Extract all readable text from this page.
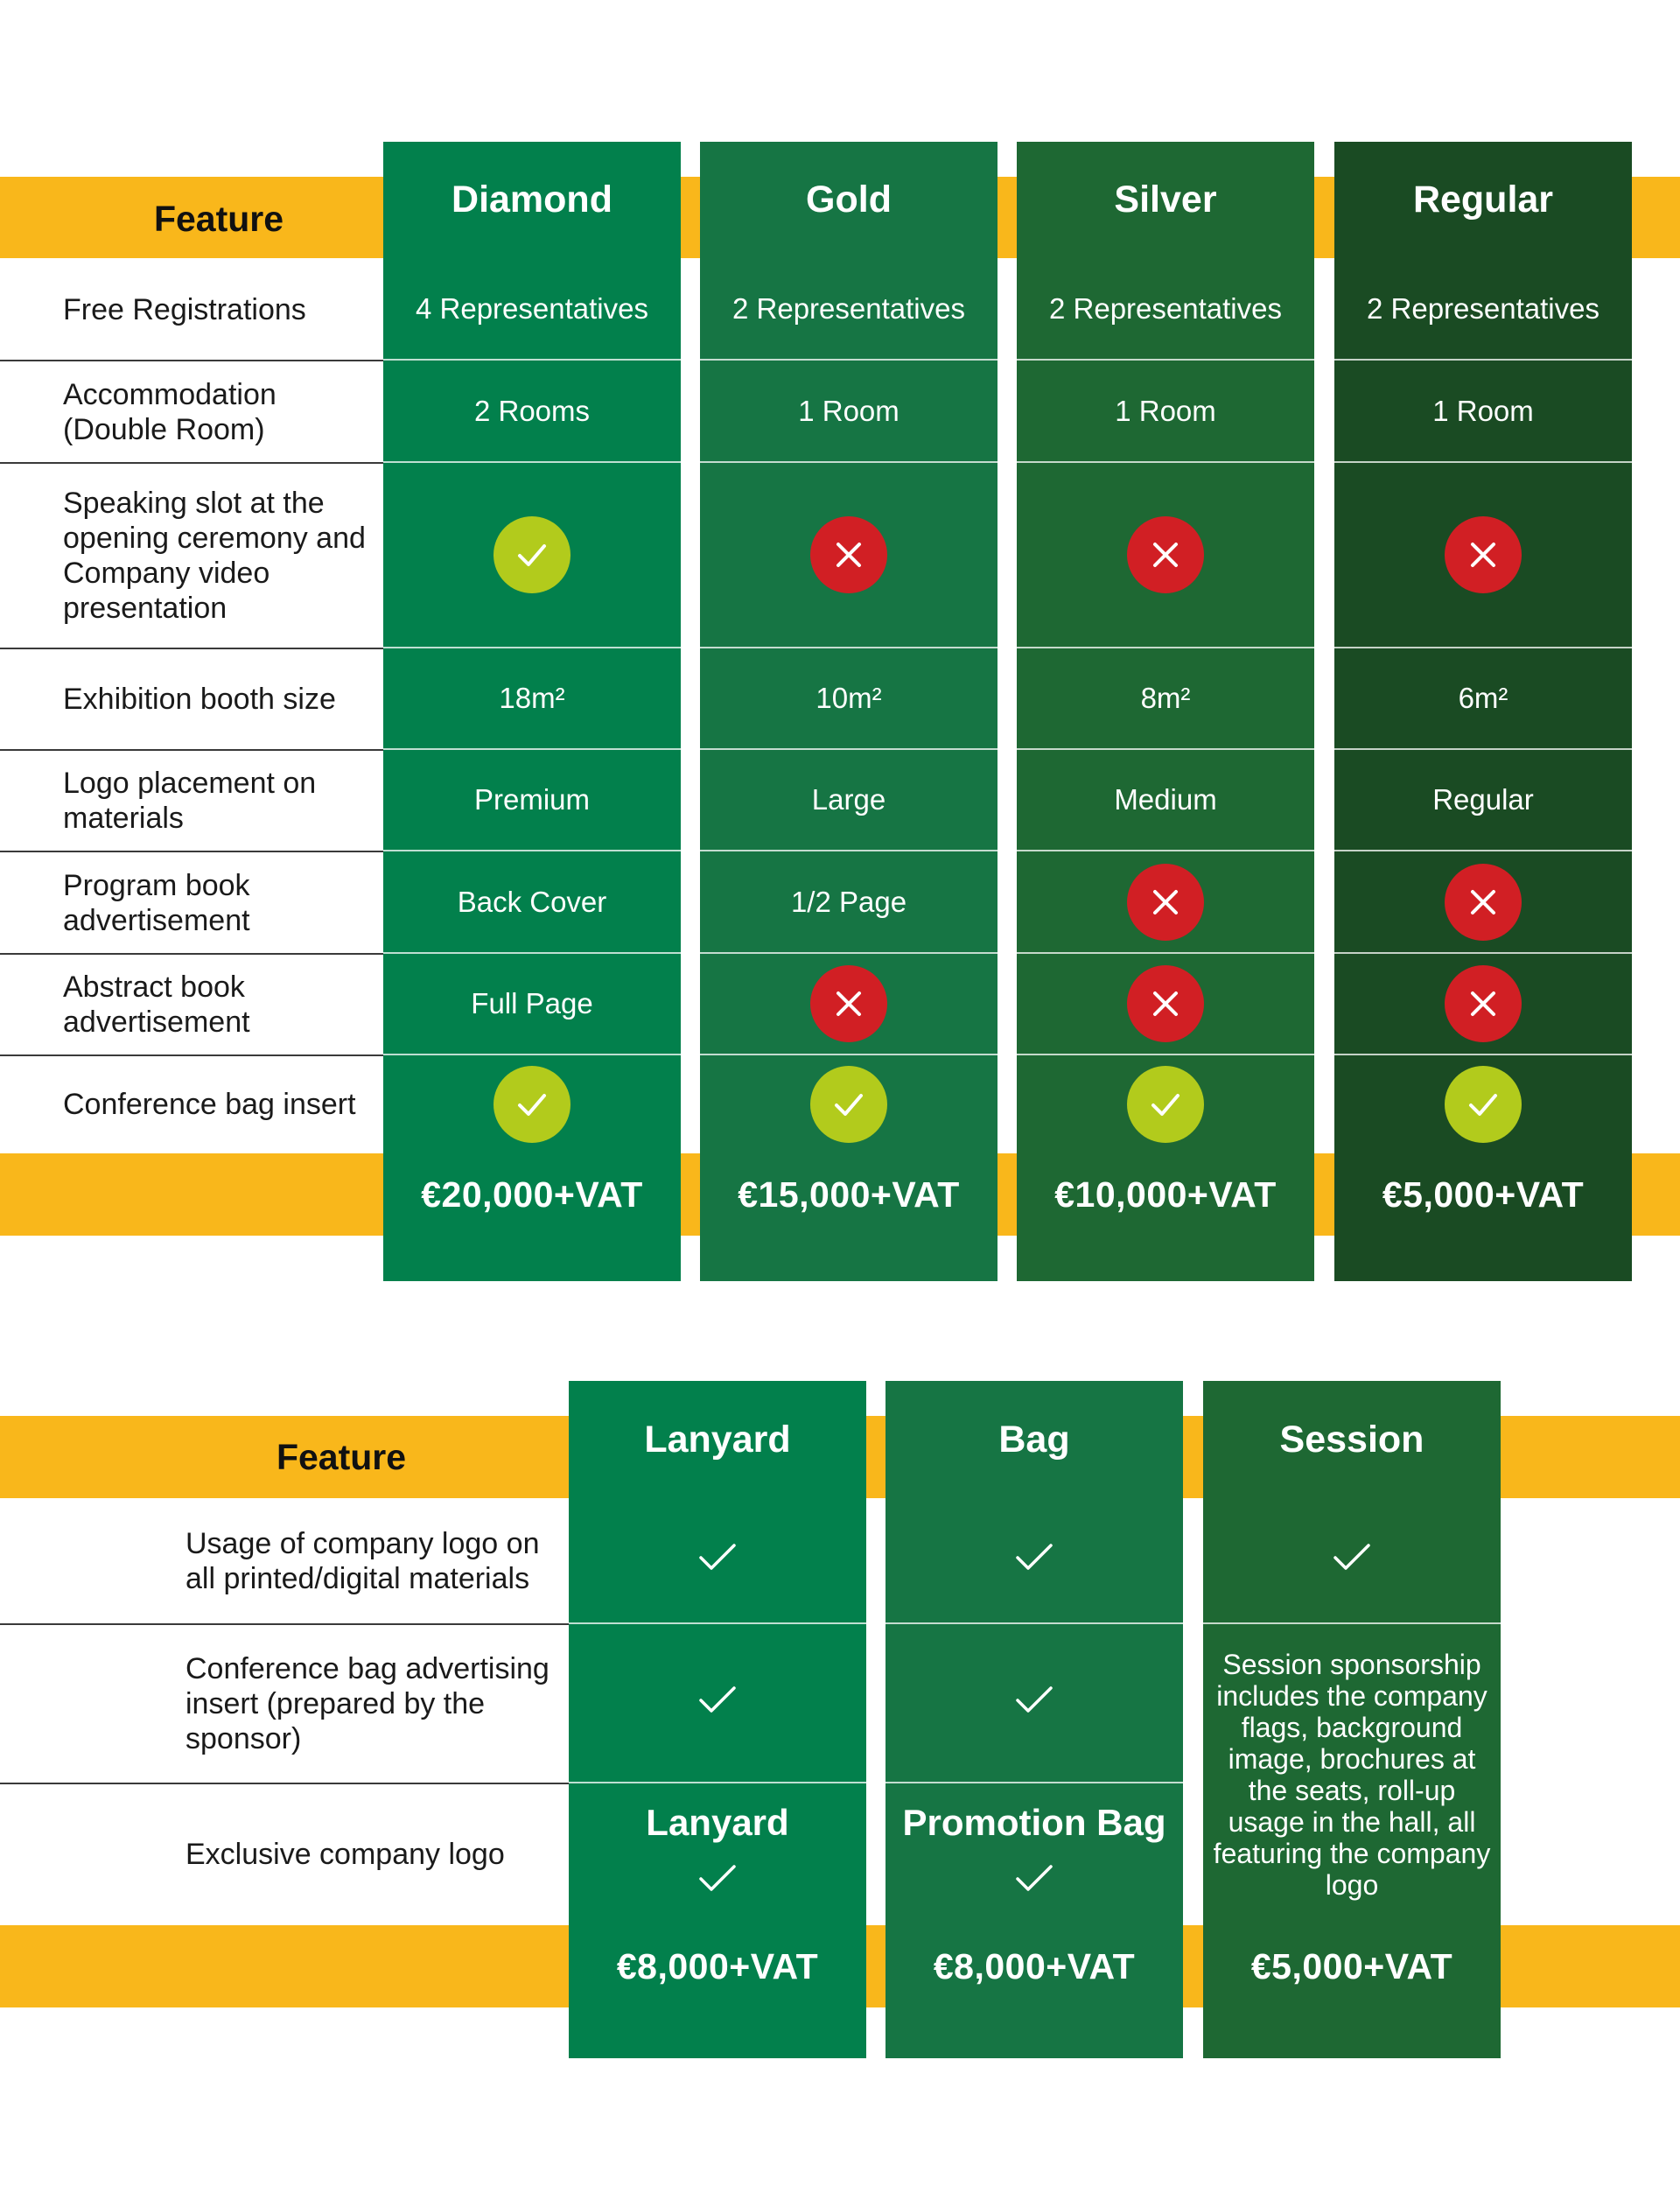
Feature
Free Registrations
Accommodation (Double Room)
Speaking slot at the opening ceremony and Company video presentation
Exhibition booth size
Logo placement on materials
Program book advertisement
Abstract book advertisement
Conference bag insert
Diamond
4 Representatives
2 Rooms
18m²
Premium
Back Cover
Full Page
€20,000+VAT
Gold
2 Representatives
1 Room
10m²
Large
1/2 Page
€15,000+VAT
Silver
2 Representatives
1 Room
8m²
Medium
€10,000+VAT
Regular
2 Representatives
1 Room
6m²
Regular
€5,000+VAT
Feature
Usage of company logo on all printed/digital materials
Conference bag advertising insert (prepared by the sponsor)
Exclusive company logo
Lanyard
Lanyard
€8,000+VAT
Bag
Promotion Bag
€8,000+VAT
Session
Session sponsorship includes the company flags, background image, brochures at the seats, roll-up usage in the hall, all featuring the company logo
€5,000+VAT
